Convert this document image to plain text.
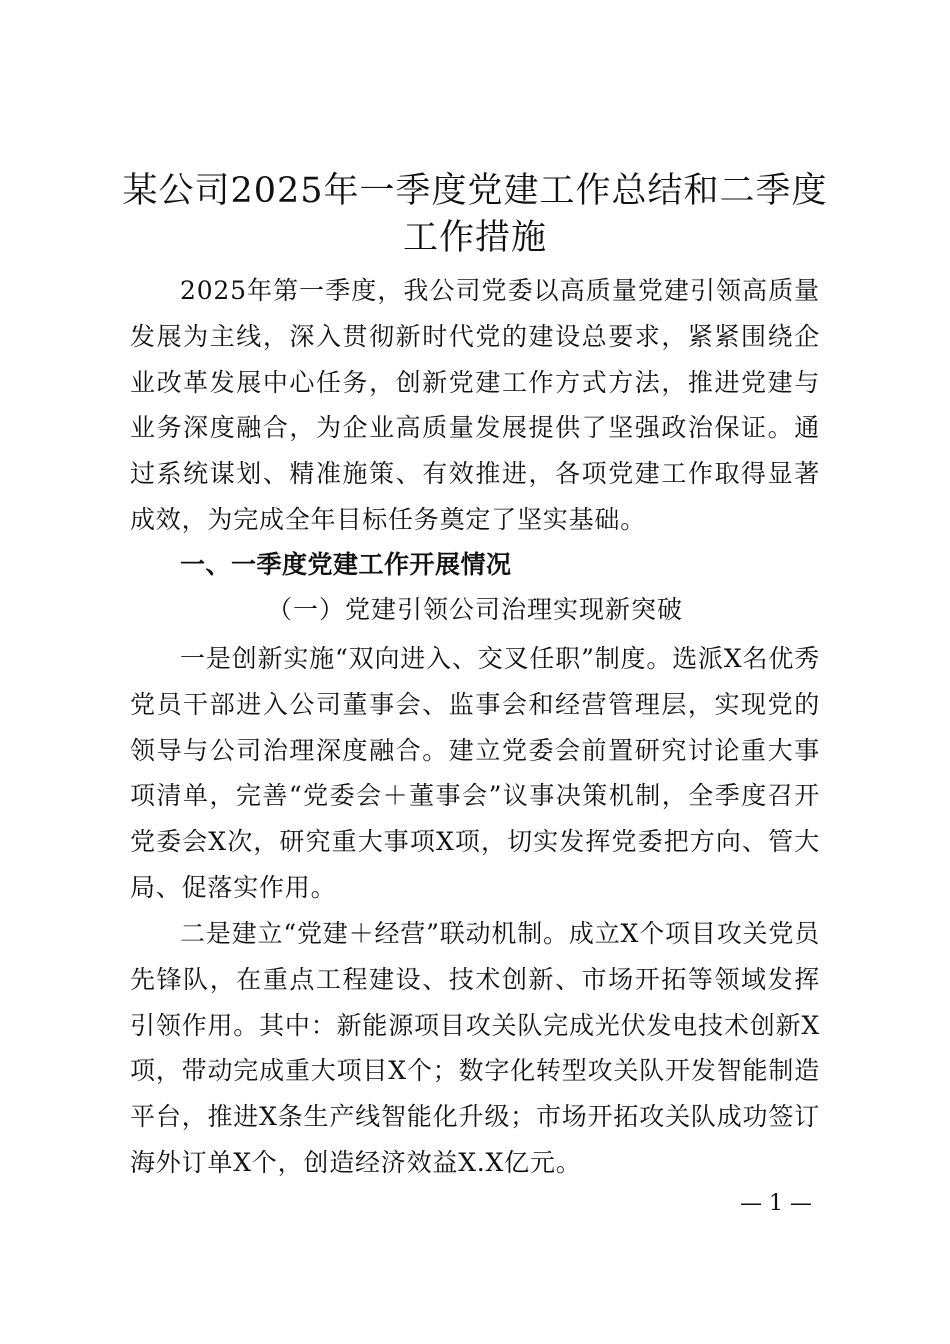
某公司2025年一季度党建工作总结和二季度工作措施

2025年第一季度，我公司党委以高质量党建引领高质量发展为主线，深入贯彻新时代党的建设总要求，紧紧围绕企业改革发展中心任务，创新党建工作方式方法，推进党建与业务深度融合，为企业高质量发展提供了坚强政治保证。通过系统谋划、精准施策、有效推进，各项党建工作取得显著成效，为完成全年目标任务奠定了坚实基础。

一、一季度党建工作开展情况
（一）党建引领公司治理实现新突破

一是创新实施“双向进入、交叉任职”制度。选派X名优秀党员干部进入公司董事会、监事会和经营管理层，实现党的领导与公司治理深度融合。建立党委会前置研究讨论重大事项清单，完善“党委会＋董事会”议事决策机制，全季度召开党委会X次，研究重大事项X项，切实发挥党委把方向、管大局、促落实作用。

二是建立“党建＋经营”联动机制。成立X个项目攻关党员先锋队，在重点工程建设、技术创新、市场开拓等领域发挥引领作用。其中：新能源项目攻关队完成光伏发电技术创新X项，带动完成重大项目X个；数字化转型攻关队开发智能制造平台，推进X条生产线智能化升级；市场开拓攻关队成功签订海外订单X个，创造经济效益X.X亿元。

— 1 —
